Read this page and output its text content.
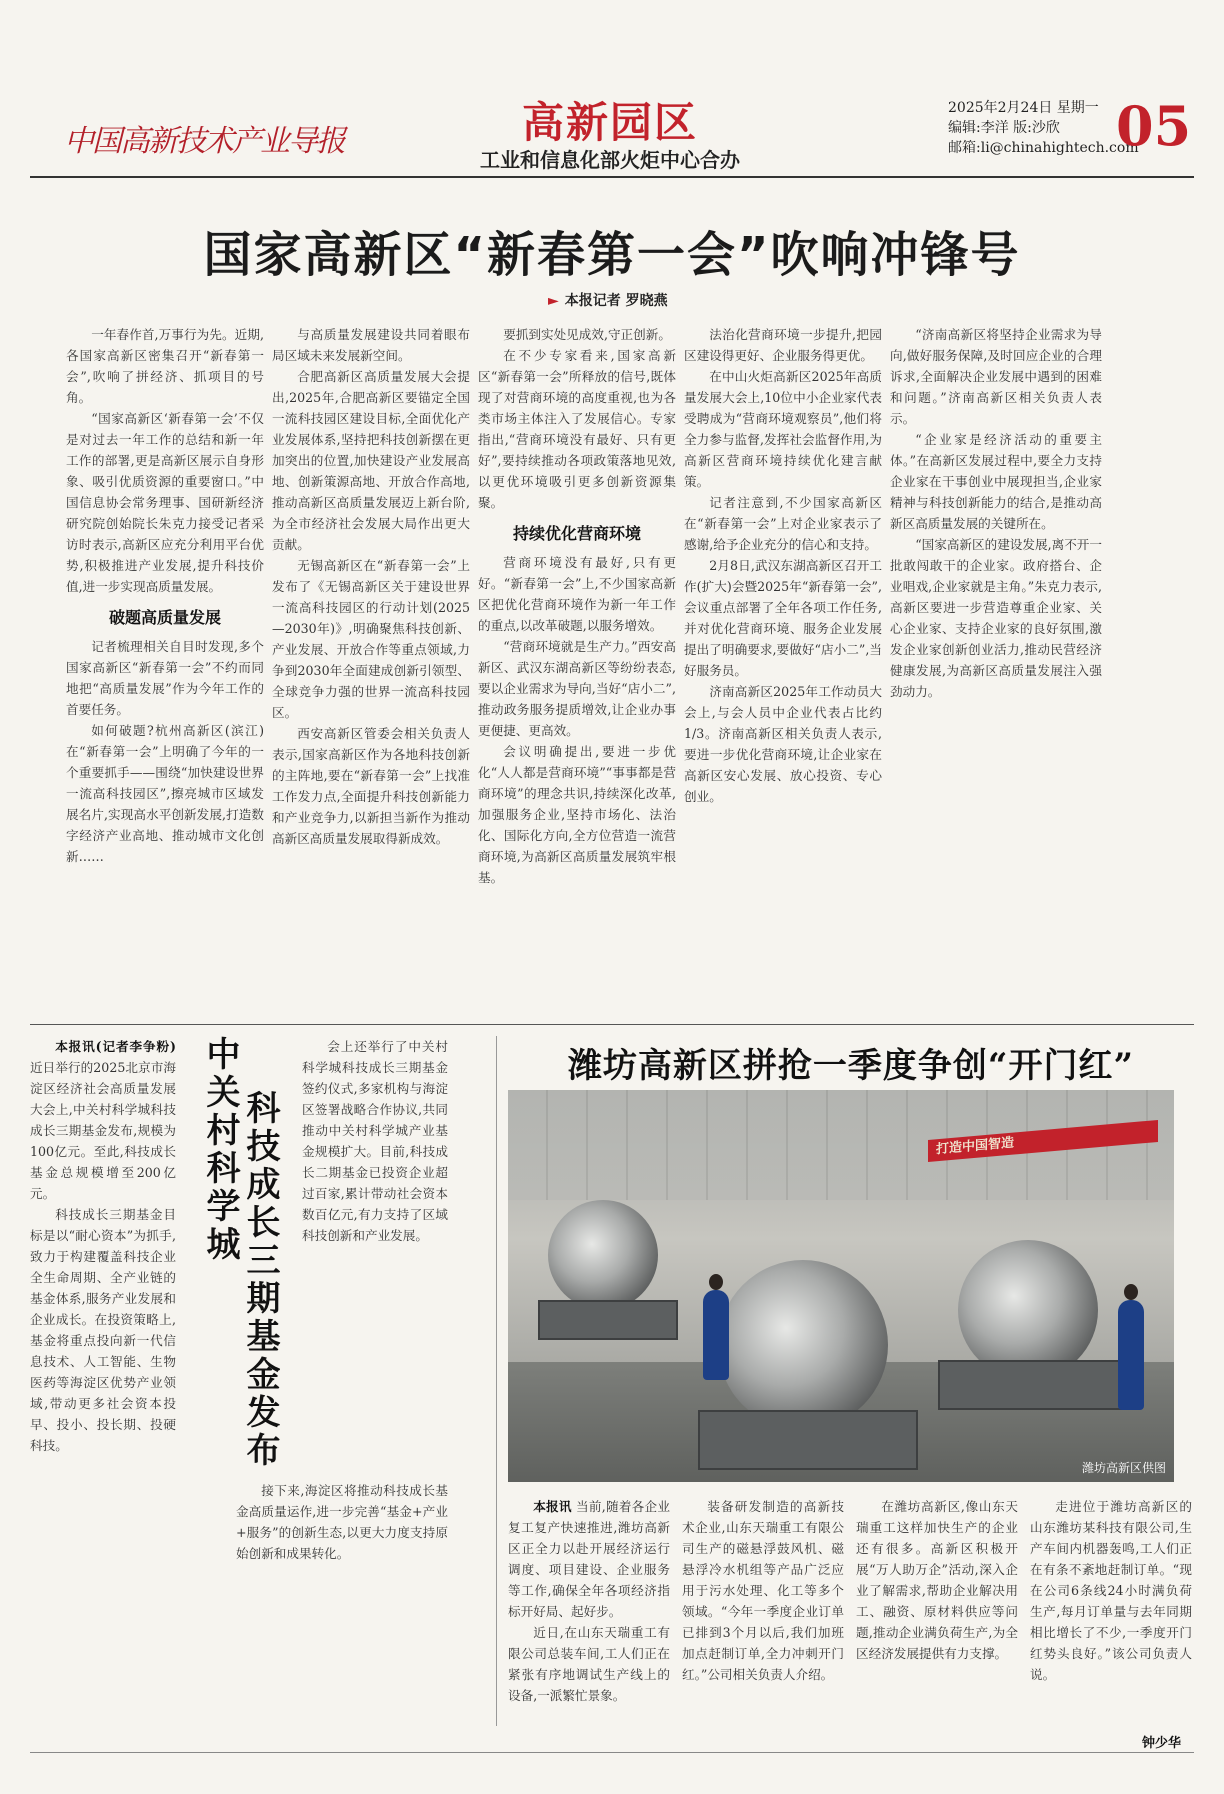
中国高新技术产业导报	高新园区
工业和信息化部火炬中心合办
2025年2月24日 星期一
编辑:李洋 版:沙欣
邮箱:li@chinahightech.com
05
国家高新区“新春第一会”吹响冲锋号
► 本报记者 罗晓燕

一年春作首,万事行为先。近期,各国家高新区密集召开“新春第一会”,吹响了拼经济、抓项目的号角。

“国家高新区‘新春第一会’不仅是对过去一年工作的总结和新一年工作的部署,更是高新区展示自身形象、吸引优质资源的重要窗口。”中国信息协会常务理事、国研新经济研究院创始院长朱克力接受记者采访时表示,高新区应充分利用平台优势,积极推进产业发展,提升科技价值,进一步实现高质量发展。

破题高质量发展

记者梳理相关自目时发现,多个国家高新区“新春第一会”不约而同地把“高质量发展”作为今年工作的首要任务。

如何破题?杭州高新区(滨江)在“新春第一会”上明确了今年的一个重要抓手——围绕“加快建设世界一流高科技园区”,擦亮城市区域发展名片,实现高水平创新发展,打造数字经济产业高地、推动城市文化创新……

与高质量发展建设共同着眼布局区域未来发展新空间。

合肥高新区高质量发展大会提出,2025年,合肥高新区要锚定全国一流科技园区建设目标,全面优化产业发展体系,坚持把科技创新摆在更加突出的位置,加快建设产业发展高地、创新策源高地、开放合作高地,推动高新区高质量发展迈上新台阶,为全市经济社会发展大局作出更大贡献。

无锡高新区在“新春第一会”上发布了《无锡高新区关于建设世界一流高科技园区的行动计划(2025—2030年)》,明确聚焦科技创新、产业发展、开放合作等重点领域,力争到2030年全面建成创新引领型、全球竞争力强的世界一流高科技园区。

西安高新区管委会相关负责人表示,国家高新区作为各地科技创新的主阵地,要在“新春第一会”上找准工作发力点,全面提升科技创新能力和产业竞争力,以新担当新作为推动高新区高质量发展取得新成效。

要抓到实处见成效,守正创新。

在不少专家看来,国家高新区“新春第一会”所释放的信号,既体现了对营商环境的高度重视,也为各类市场主体注入了发展信心。专家指出,“营商环境没有最好、只有更好”,要持续推动各项政策落地见效,以更优环境吸引更多创新资源集聚。

持续优化营商环境

营商环境没有最好,只有更好。“新春第一会”上,不少国家高新区把优化营商环境作为新一年工作的重点,以改革破题,以服务增效。

“营商环境就是生产力。”西安高新区、武汉东湖高新区等纷纷表态,要以企业需求为导向,当好“店小二”,推动政务服务提质增效,让企业办事更便捷、更高效。

会议明确提出,要进一步优化“人人都是营商环境”“事事都是营商环境”的理念共识,持续深化改革,加强服务企业,坚持市场化、法治化、国际化方向,全方位营造一流营商环境,为高新区高质量发展筑牢根基。

法治化营商环境一步提升,把园区建设得更好、企业服务得更优。

在中山火炬高新区2025年高质量发展大会上,10位中小企业家代表受聘成为“营商环境观察员”,他们将全力参与监督,发挥社会监督作用,为高新区营商环境持续优化建言献策。

记者注意到,不少国家高新区在“新春第一会”上对企业家表示了感谢,给予企业充分的信心和支持。

2月8日,武汉东湖高新区召开工作(扩大)会暨2025年“新春第一会”,会议重点部署了全年各项工作任务,并对优化营商环境、服务企业发展提出了明确要求,要做好“店小二”,当好服务员。

济南高新区2025年工作动员大会上,与会人员中企业代表占比约1/3。济南高新区相关负责人表示,要进一步优化营商环境,让企业家在高新区安心发展、放心投资、专心创业。

“济南高新区将坚持企业需求为导向,做好服务保障,及时回应企业的合理诉求,全面解决企业发展中遇到的困难和问题。”济南高新区相关负责人表示。

“企业家是经济活动的重要主体。”在高新区发展过程中,要全力支持企业家在干事创业中展现担当,企业家精神与科技创新能力的结合,是推动高新区高质量发展的关键所在。

“国家高新区的建设发展,离不开一批敢闯敢干的企业家。政府搭台、企业唱戏,企业家就是主角。”朱克力表示,高新区要进一步营造尊重企业家、关心企业家、支持企业家的良好氛围,激发企业家创新创业活力,推动民营经济健康发展,为高新区高质量发展注入强劲动力。

本报讯(记者李争粉)近日举行的2025北京市海淀区经济社会高质量发展大会上,中关村科学城科技成长三期基金发布,规模为100亿元。至此,科技成长基金总规模增至200亿元。

科技成长三期基金目标是以“耐心资本”为抓手,致力于构建覆盖科技企业全生命周期、全产业链的基金体系,服务产业发展和企业成长。在投资策略上,基金将重点投向新一代信息技术、人工智能、生物医药等海淀区优势产业领域,带动更多社会资本投早、投小、投长期、投硬科技。

中关村科学城 科技成长三期基金发布

会上还举行了中关村科学城科技成长三期基金签约仪式,多家机构与海淀区签署战略合作协议,共同推动中关村科学城产业基金规模扩大。目前,科技成长二期基金已投资企业超过百家,累计带动社会资本数百亿元,有力支持了区域科技创新和产业发展。

接下来,海淀区将推动科技成长基金高质量运作,进一步完善“基金+产业+服务”的创新生态,以更大力度支持原始创新和成果转化。

潍坊高新区拼抢一季度争创“开门红”
打造中国智造
潍坊高新区供图

本报讯 当前,随着各企业复工复产快速推进,潍坊高新区正全力以赴开展经济运行调度、项目建设、企业服务等工作,确保全年各项经济指标开好局、起好步。

近日,在山东天瑞重工有限公司总装车间,工人们正在紧张有序地调试生产线上的设备,一派繁忙景象。

装备研发制造的高新技术企业,山东天瑞重工有限公司生产的磁悬浮鼓风机、磁悬浮冷水机组等产品广泛应用于污水处理、化工等多个领域。“今年一季度企业订单已排到3个月以后,我们加班加点赶制订单,全力冲刺开门红。”公司相关负责人介绍。

在潍坊高新区,像山东天瑞重工这样加快生产的企业还有很多。高新区积极开展“万人助万企”活动,深入企业了解需求,帮助企业解决用工、融资、原材料供应等问题,推动企业满负荷生产,为全区经济发展提供有力支撑。

走进位于潍坊高新区的山东潍坊某科技有限公司,生产车间内机器轰鸣,工人们正在有条不紊地赶制订单。“现在公司6条线24小时满负荷生产,每月订单量与去年同期相比增长了不少,一季度开门红势头良好。”该公司负责人说。

钟少华
